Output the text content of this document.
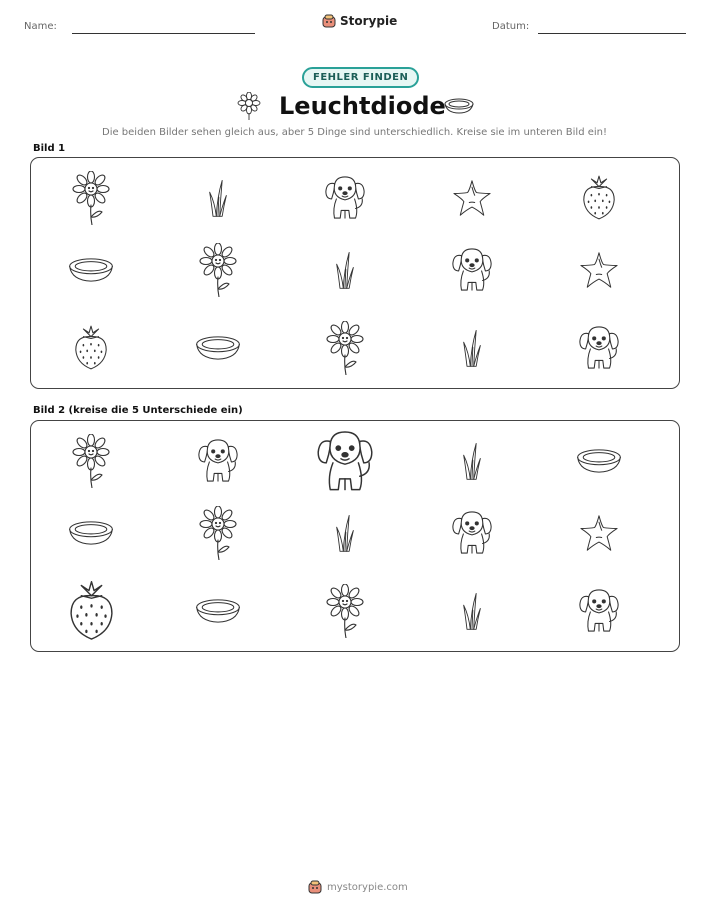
Name:	Storypie	Datum:
FEHLER FINDEN
Leuchtdiode
Die beiden Bilder sehen gleich aus, aber 5 Dinge sind unterschiedlich. Kreise sie im unteren Bild ein!
Bild 1
Bild 2 (kreise die 5 Unterschiede ein)
mystorypie.com
